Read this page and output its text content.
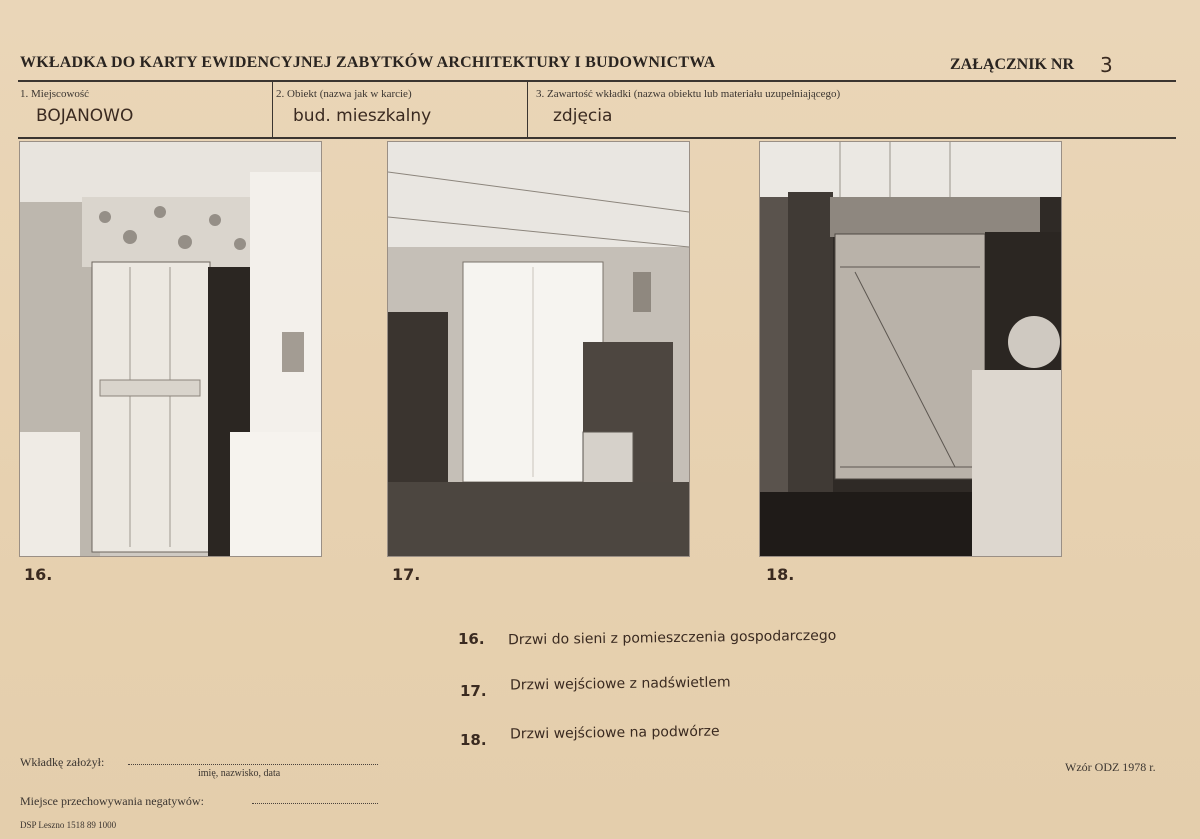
WKŁADKA DO KARTY EWIDENCYJNEJ ZABYTKÓW ARCHITEKTURY I BUDOWNICTWA	ZAŁĄCZNIK NR 3
1. Miejscowość
BOJANOWO
2. Obiekt (nazwa jak w karcie)
bud. mieszkalny
3. Zawartość wkładki (nazwa obiektu lub materiału uzupełniającego)
zdjęcia
16.	17.	18.
16. Drzwi do sieni z pomieszczenia gospodarczego
17. Drzwi wejściowe z nadświetlem
18. Drzwi wejściowe na podwórze
Wkładkę założył:
imię, nazwisko, data	Wzór ODZ 1978 r.
Miejsce przechowywania negatywów:
DSP Leszno 1518 89 1000
